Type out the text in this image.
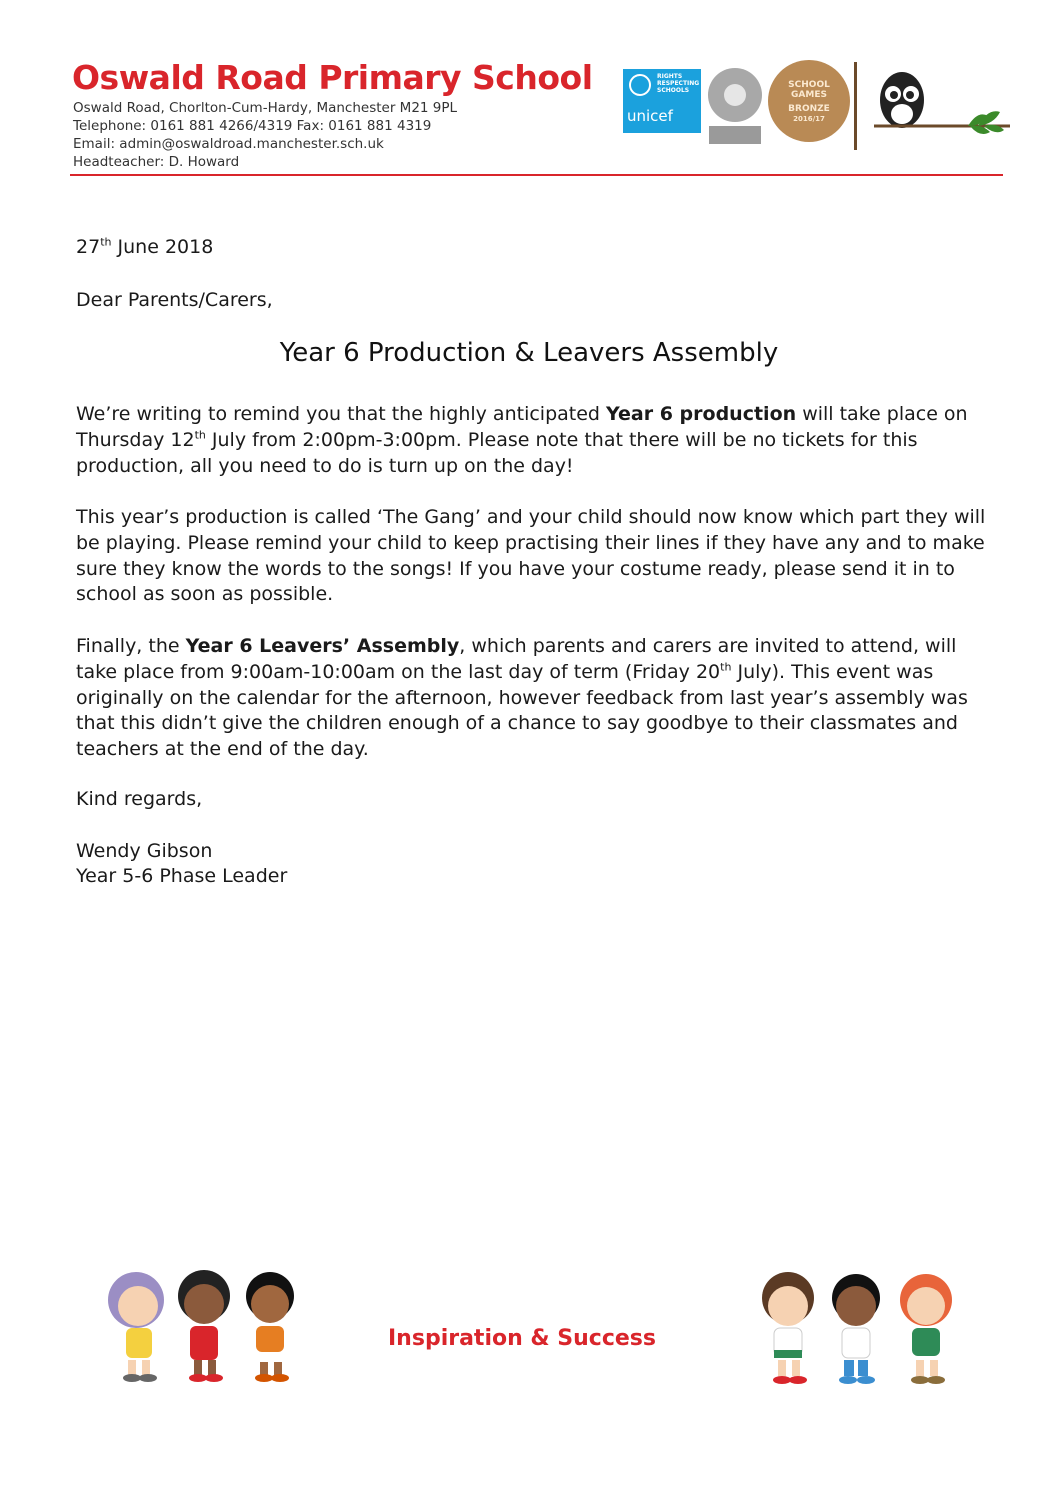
Oswald Road Primary School
Oswald Road, Chorlton-Cum-Hardy, Manchester M21 9PL
Telephone: 0161 881 4266/4319 Fax: 0161 881 4319
Email: admin@oswaldroad.manchester.sch.uk
Headteacher: D. Howard
RIGHTS
RESPECTING
SCHOOLS
unicef
SCHOOL
GAMES
BRONZE
2016/17
27th June 2018
Dear Parents/Carers,
Year 6 Production & Leavers Assembly

We’re writing to remind you that the highly anticipated Year 6 production will take place on Thursday 12th July from 2:00pm-3:00pm. Please note that there will be no tickets for this production, all you need to do is turn up on the day!

This year’s production is called ‘The Gang’ and your child should now know which part they will be playing. Please remind your child to keep practising their lines if they have any and to make sure they know the words to the songs! If you have your costume ready, please send it in to school as soon as possible.

Finally, the Year 6 Leavers’ Assembly, which parents and carers are invited to attend, will take place from 9:00am-10:00am on the last day of term (Friday 20th July). This event was originally on the calendar for the afternoon, however feedback from last year’s assembly was that this didn’t give the children enough of a chance to say goodbye to their classmates and teachers at the end of the day.

Kind regards,
Wendy Gibson
Year 5-6 Phase Leader
Inspiration & Success
